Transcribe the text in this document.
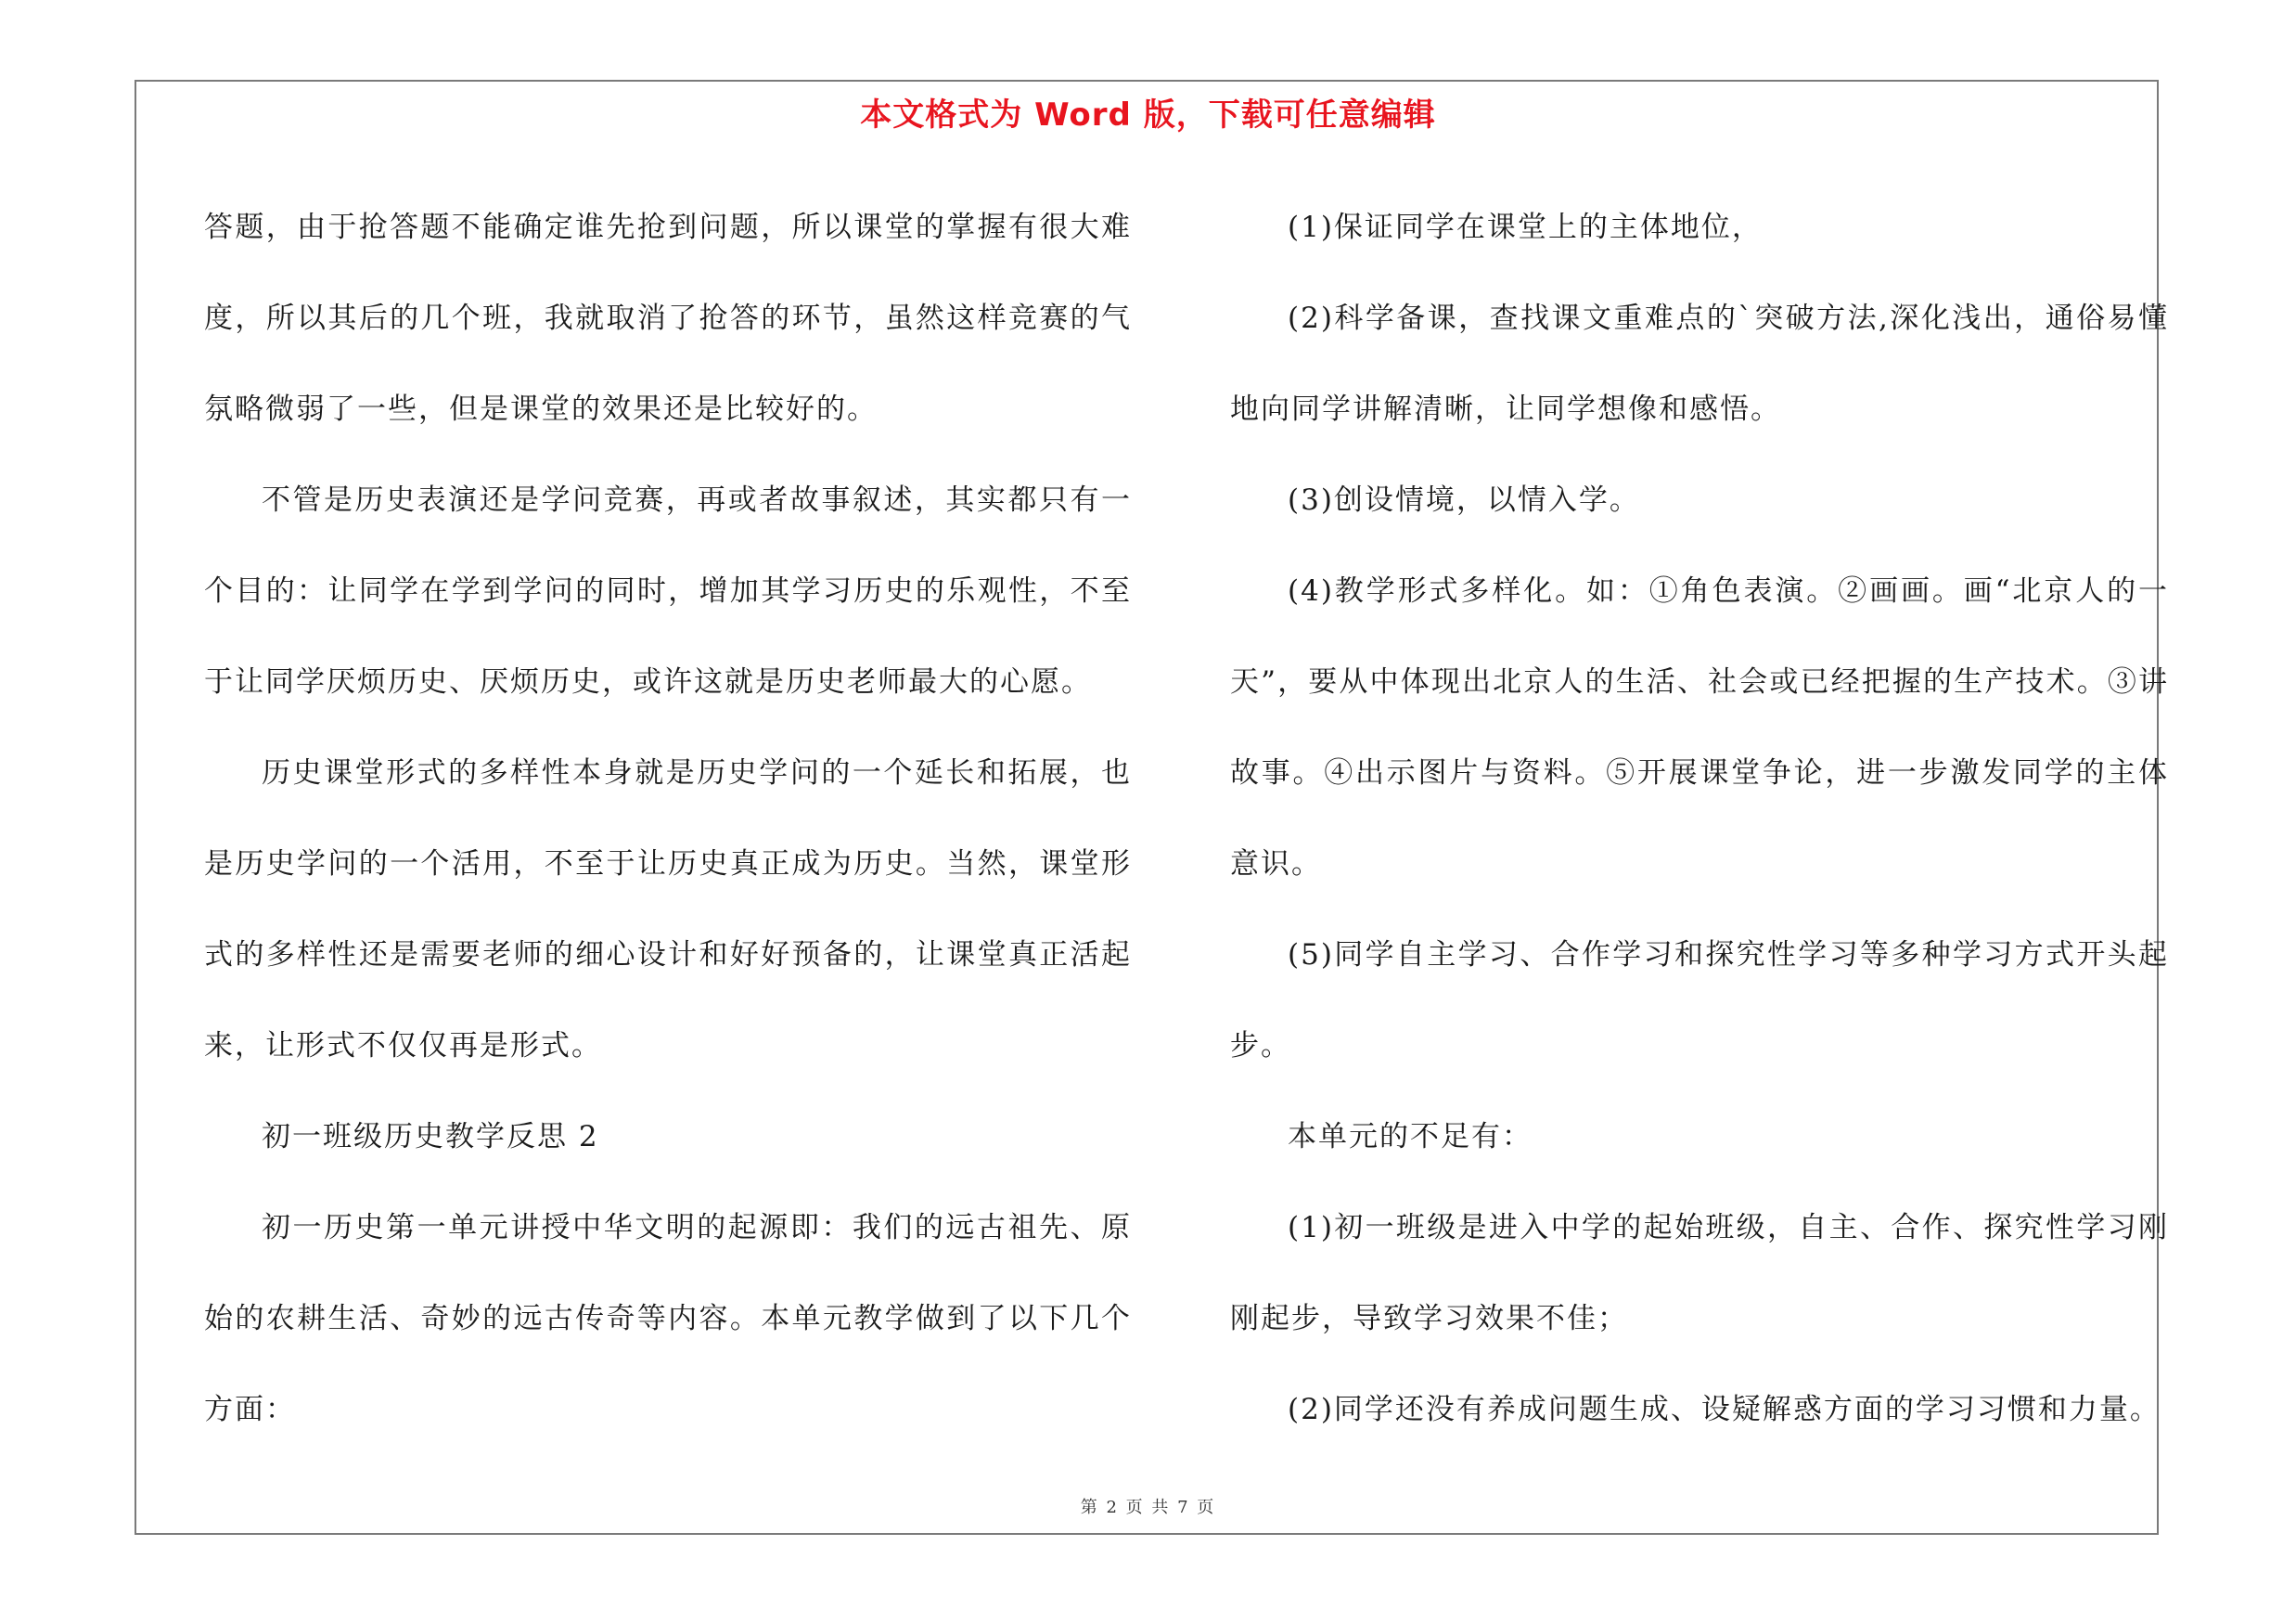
本文格式为 Word 版，下载可任意编辑

答题，由于抢答题不能确定谁先抢到问题，所以课堂的掌握有很大难度，所以其后的几个班，我就取消了抢答的环节，虽然这样竞赛的气氛略微弱了一些，但是课堂的效果还是比较好的。

不管是历史表演还是学问竞赛，再或者故事叙述，其实都只有一个目的：让同学在学到学问的同时，增加其学习历史的乐观性，不至于让同学厌烦历史、厌烦历史，或许这就是历史老师最大的心愿。

历史课堂形式的多样性本身就是历史学问的一个延长和拓展，也是历史学问的一个活用，不至于让历史真正成为历史。当然，课堂形式的多样性还是需要老师的细心设计和好好预备的，让课堂真正活起来，让形式不仅仅再是形式。

初一班级历史教学反思 2

初一历史第一单元讲授中华文明的起源即：我们的远古祖先、原始的农耕生活、奇妙的远古传奇等内容。本单元教学做到了以下几个方面：

(1)保证同学在课堂上的主体地位，

(2)科学备课，查找课文重难点的`突破方法,深化浅出，通俗易懂地向同学讲解清晰，让同学想像和感悟。

(3)创设情境，以情入学。

(4)教学形式多样化。如：①角色表演。②画画。画“北京人的一天”，要从中体现出北京人的生活、社会或已经把握的生产技术。③讲故事。④出示图片与资料。⑤开展课堂争论，进一步激发同学的主体意识。

(5)同学自主学习、合作学习和探究性学习等多种学习方式开头起步。

本单元的不足有：

(1)初一班级是进入中学的起始班级，自主、合作、探究性学习刚刚起步，导致学习效果不佳；

(2)同学还没有养成问题生成、设疑解惑方面的学习习惯和力量。

第 2 页 共 7 页
